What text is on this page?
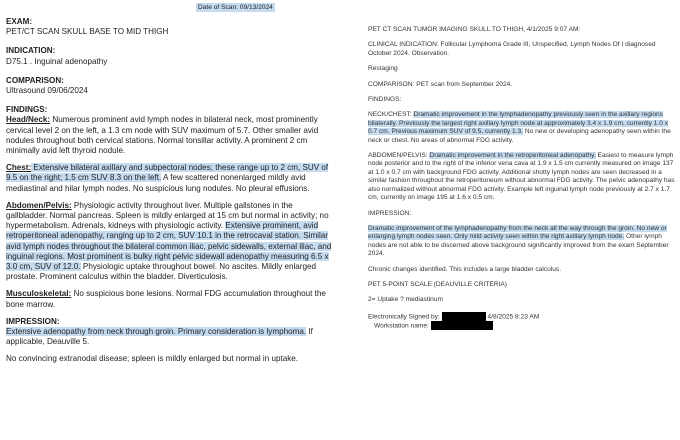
Date of Scan: 09/13/2024

EXAM:

PET/CT SCAN SKULL BASE TO MID THIGH

INDICATION:

D75.1 . Inguinal adenopathy

COMPARISON:

Ultrasound 09/06/2024

FINDINGS:

Head/Neck: Numerous prominent avid lymph nodes in bilateral neck, most prominently cervical level 2 on the left, a 1.3 cm node with SUV maximum of 5.7. Other smaller avid nodules throughout both cervical stations. Normal tonsillar activity. A prominent 2 cm minimally avid left thyroid nodule.

Chest: Extensive bilateral axillary and subpectoral nodes; these range up to 2 cm, SUV of 9.5 on the right; 1.5 cm SUV 8.3 on the left. A few scattered nonenlarged mildly avid mediastinal and hilar lymph nodes. No suspicious lung nodules. No pleural effusions.

Abdomen/Pelvis: Physiologic activity throughout liver. Multiple gallstones in the gallbladder. Normal pancreas. Spleen is mildly enlarged at 15 cm but normal in activity; no hypermetabolism. Adrenals, kidneys with physiologic activity. Extensive prominent, avid retroperitoneal adenopathy, ranging up to 2 cm, SUV 10.1 in the retrocaval station. Similar avid lymph nodes throughout the bilateral common iliac, pelvic sidewalls, external iliac, and inguinal regions. Most prominent is bulky right pelvic sidewall adenopathy measuring 6.5 x 3.0 cm, SUV of 12.0. Physiologic uptake throughout bowel. No ascites. Mildly enlarged prostate. Prominent calculus within the bladder. Diverticulosis.

Musculoskeletal: No suspicious bone lesions. Normal FDG accumulation throughout the bone marrow.

IMPRESSION:

Extensive adenopathy from neck through groin. Primary consideration is lymphoma. If applicable, Deauville 5.

No convincing extranodal disease; spleen is mildly enlarged but normal in uptake.

PET CT SCAN TUMOR IMAGING SKULL TO THIGH, 4/1/2025 9:07 AM:

CLINICAL INDICATION: Follicular Lymphoma Grade III, Unspecified, Lymph Nodes Of I diagnosed October 2024. Observation.

Restaging

COMPARISON: PET scan from September 2024.

FINDINGS:

NECK/CHEST: Dramatic improvement in the lymphadenopathy previously seen in the axillary regions bilaterally. Previously the largest right axillary lymph node at approximately 3.4 x 1.9 cm, currently 1.0 x 0.7 cm. Previous maximum SUV of 9.5, currently 1.3. No new or developing adenopathy seen within the neck or chest. No areas of abnormal FDG activity.

ABDOMEN/PELVIS: Dramatic improvement in the retroperitoneal adenopathy. Easiest to measure lymph node posterior and to the right of the inferior vena cava at 1.9 x 1.5 cm currently measured on image 137 at 1.0 x 0.7 cm with background FDG activity. Additional shotty lymph nodes are seen decreased in a similar fashion throughout the retroperitoneum without abnormal FDG activity. The pelvic adenopathy has also normalized without abnormal FDG activity. Example left inguinal lymph node previously at 2.7 x 1.7 cm, currently on image 195 at 1.6 x 0.5 cm.

IMPRESSION:

Dramatic improvement of the lymphadenopathy from the neck all the way through the groin. No new or enlarging lymph nodes seen. Only mild activity seen within the right axillary lymph node. Other lymph nodes are not able to be discerned above background significantly improved from the exam September 2024.

Chronic changes identified. This includes a large bladder calculus.

PET 5-POINT SCALE (DEAUVILLE CRITERIA)

2= Uptake ? mediastinum

Electronically Signed by:	4/8/2025 8:23 AM

Workstation name:
